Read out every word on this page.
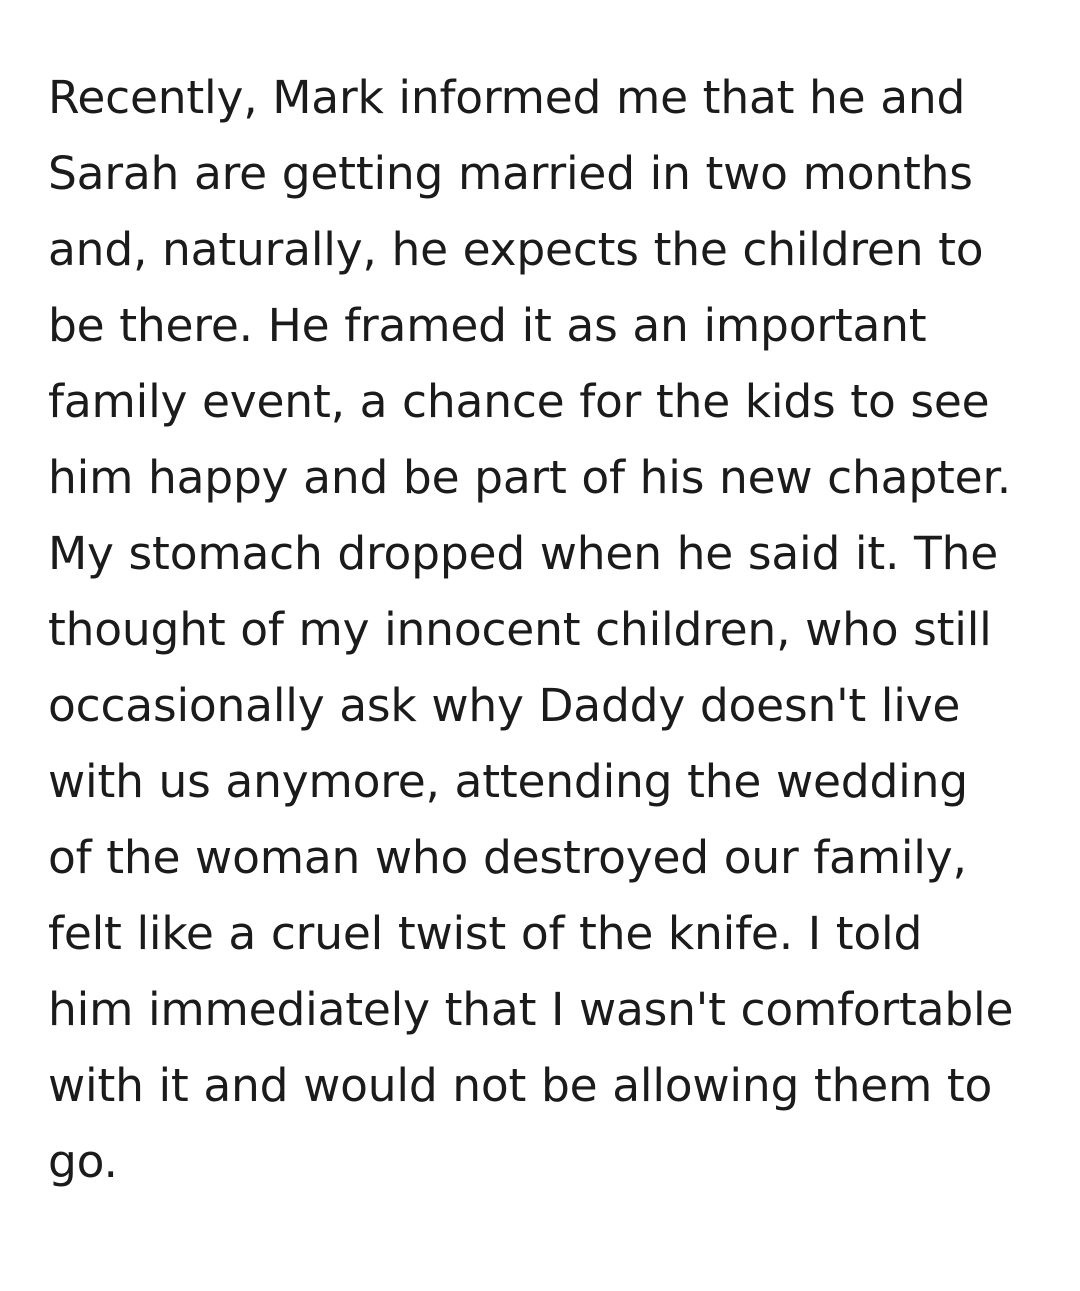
Recently, Mark informed me that he and Sarah are getting married in two months and, naturally, he expects the children to be there. He framed it as an important family event, a chance for the kids to see him happy and be part of his new chapter. My stomach dropped when he said it. The thought of my innocent children, who still occasionally ask why Daddy doesn't live with us anymore, attending the wedding of the woman who destroyed our family, felt like a cruel twist of the knife. I told him immediately that I wasn't comfortable with it and would not be allowing them to go.
